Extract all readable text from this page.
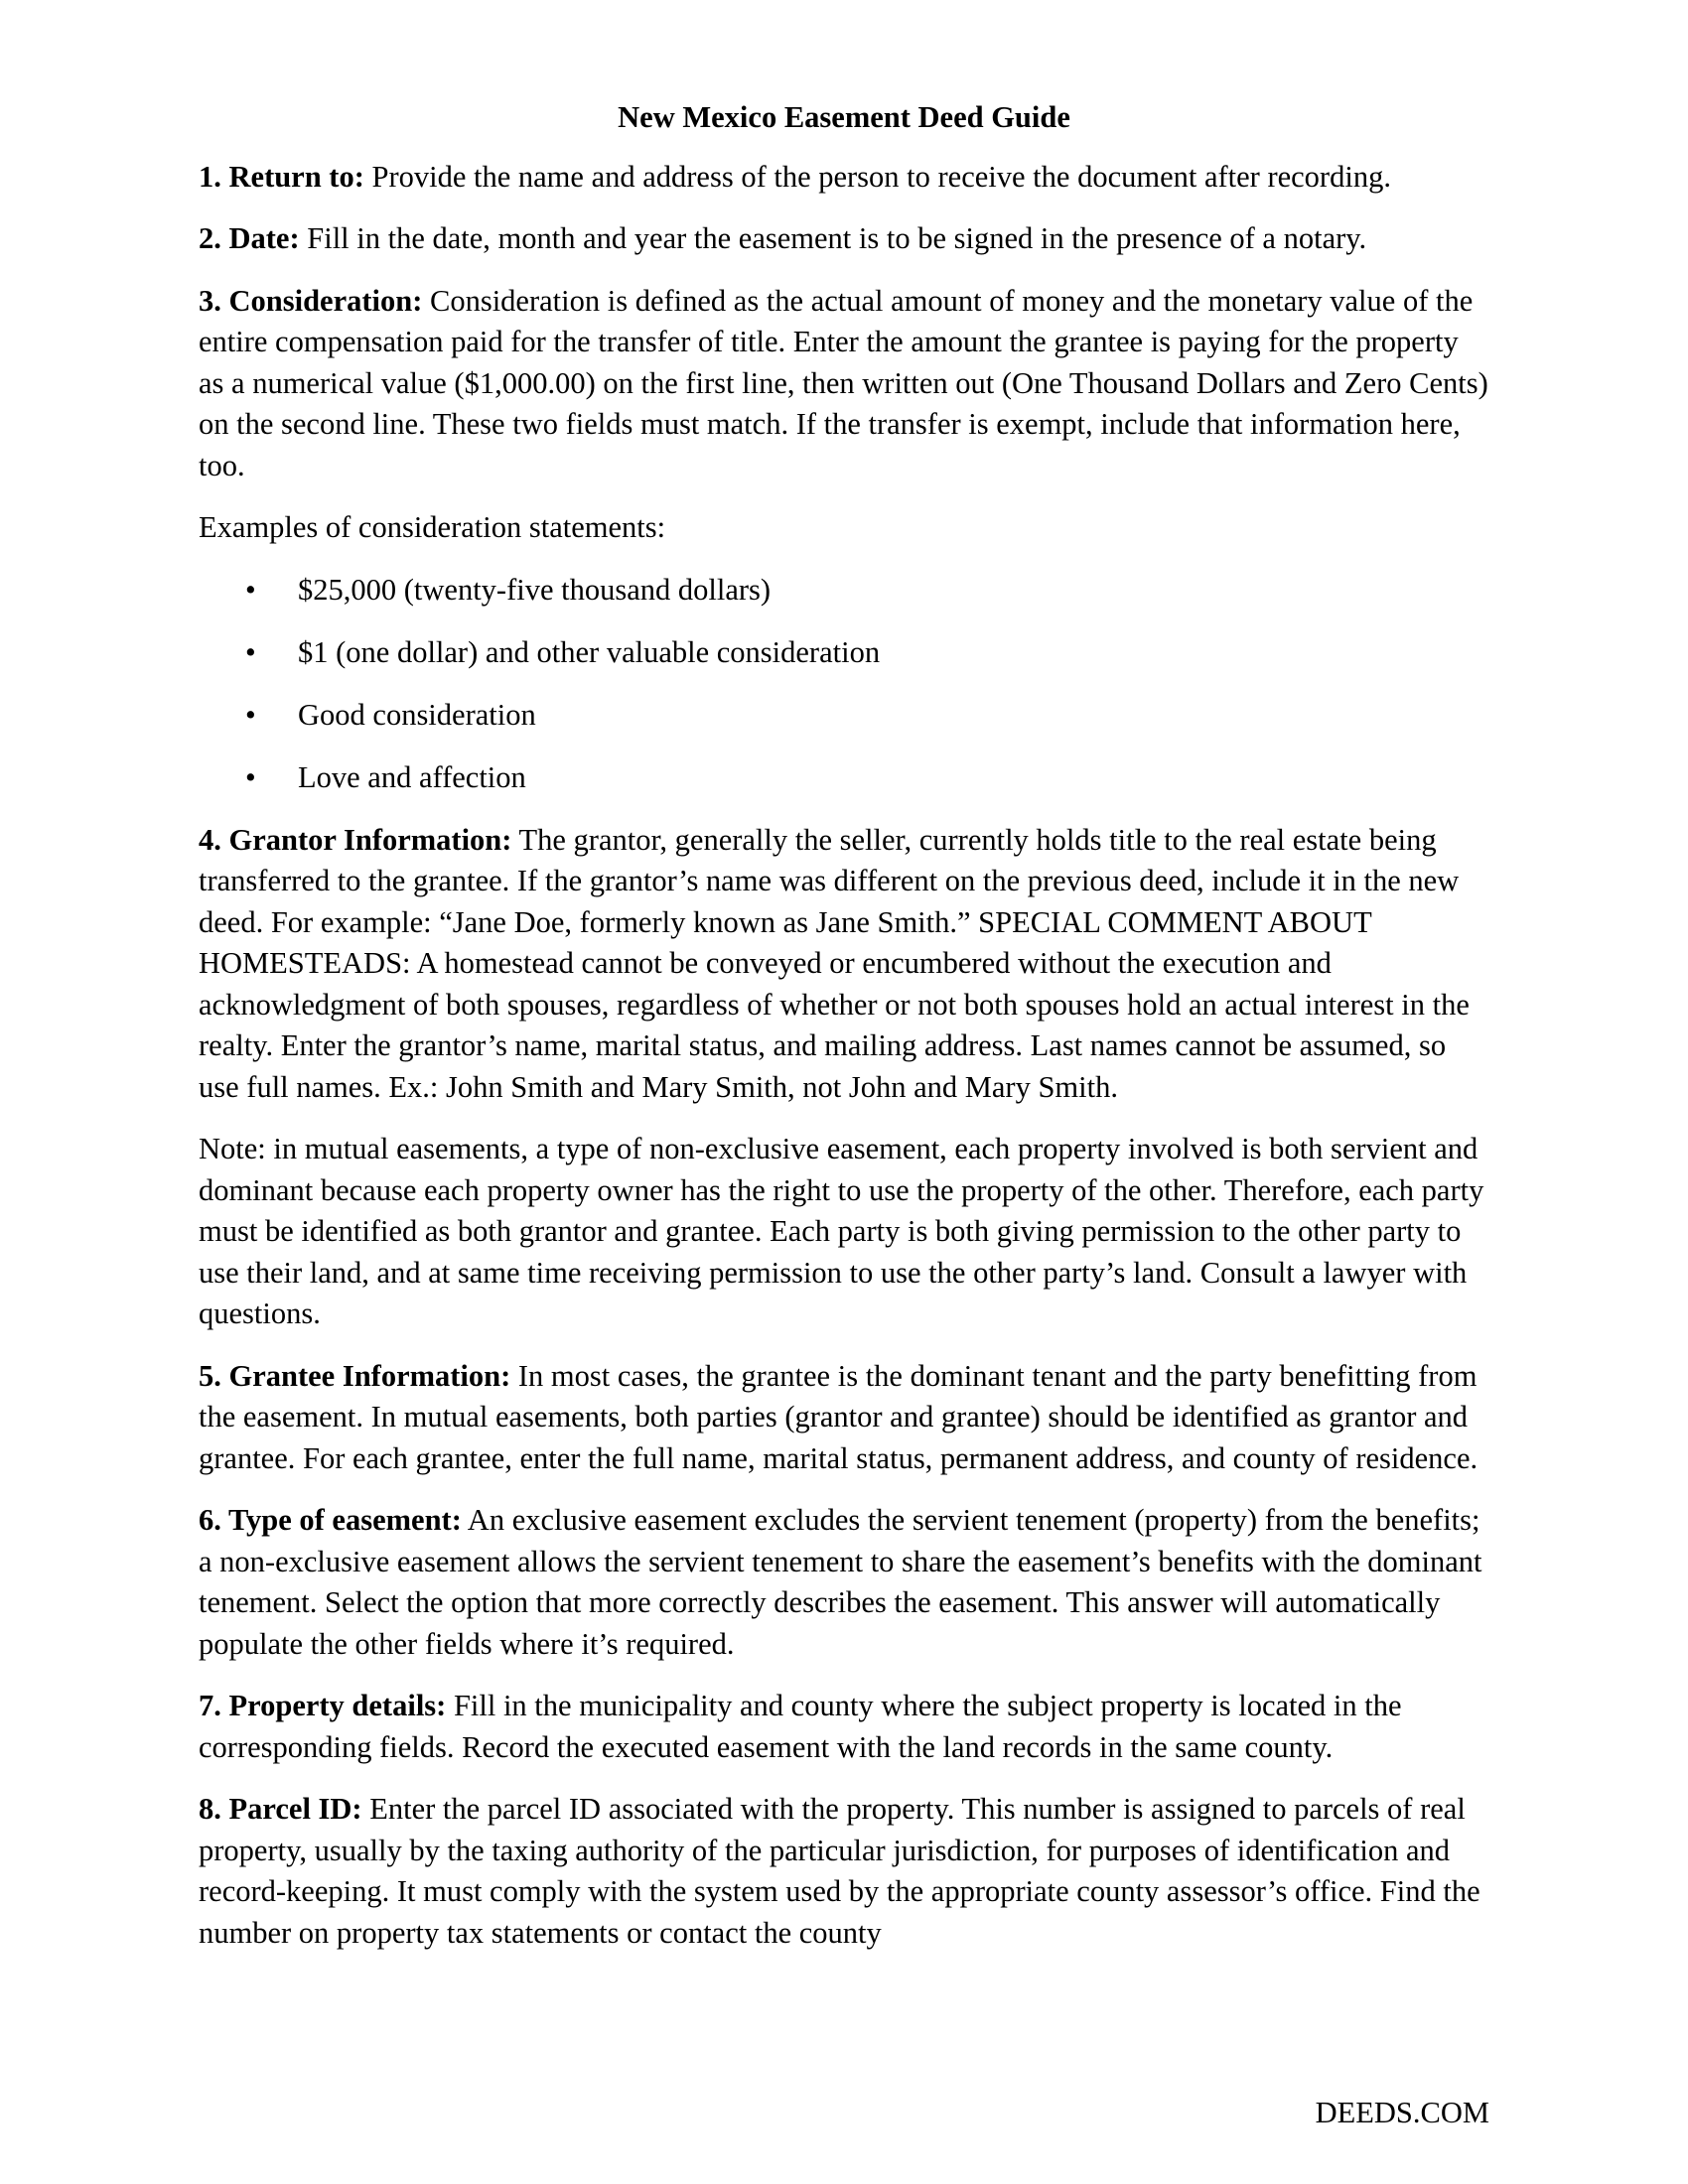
New Mexico Easement Deed Guide

1. Return to: Provide the name and address of the person to receive the document after recording.

2. Date: Fill in the date, month and year the easement is to be signed in the presence of a notary.

3. Consideration: Consideration is defined as the actual amount of money and the monetary value of the entire compensation paid for the transfer of title. Enter the amount the grantee is paying for the property as a numerical value ($1,000.00) on the first line, then written out (One Thousand Dollars and Zero Cents) on the second line. These two fields must match. If the transfer is exempt, include that information here, too.

Examples of consideration statements:

• $25,000 (twenty-five thousand dollars)
• $1 (one dollar) and other valuable consideration
• Good consideration
• Love and affection

4. Grantor Information: The grantor, generally the seller, currently holds title to the real estate being transferred to the grantee. If the grantor’s name was different on the previous deed, include it in the new deed. For example: “Jane Doe, formerly known as Jane Smith.” SPECIAL COMMENT ABOUT HOMESTEADS: A homestead cannot be conveyed or encumbered without the execution and acknowledgment of both spouses, regardless of whether or not both spouses hold an actual interest in the realty. Enter the grantor’s name, marital status, and mailing address. Last names cannot be assumed, so use full names. Ex.: John Smith and Mary Smith, not John and Mary Smith.

Note: in mutual easements, a type of non-exclusive easement, each property involved is both servient and dominant because each property owner has the right to use the property of the other. Therefore, each party must be identified as both grantor and grantee. Each party is both giving permission to the other party to use their land, and at same time receiving permission to use the other party’s land. Consult a lawyer with questions.

5. Grantee Information: In most cases, the grantee is the dominant tenant and the party benefitting from the easement. In mutual easements, both parties (grantor and grantee) should be identified as grantor and grantee. For each grantee, enter the full name, marital status, permanent address, and county of residence.

6. Type of easement: An exclusive easement excludes the servient tenement (property) from the benefits; a non-exclusive easement allows the servient tenement to share the easement’s benefits with the dominant tenement. Select the option that more correctly describes the easement. This answer will automatically populate the other fields where it’s required.

7. Property details: Fill in the municipality and county where the subject property is located in the corresponding fields. Record the executed easement with the land records in the same county.

8. Parcel ID: Enter the parcel ID associated with the property. This number is assigned to parcels of real property, usually by the taxing authority of the particular jurisdiction, for purposes of identification and record-keeping. It must comply with the system used by the appropriate county assessor’s office. Find the number on property tax statements or contact the county

DEEDS.COM
